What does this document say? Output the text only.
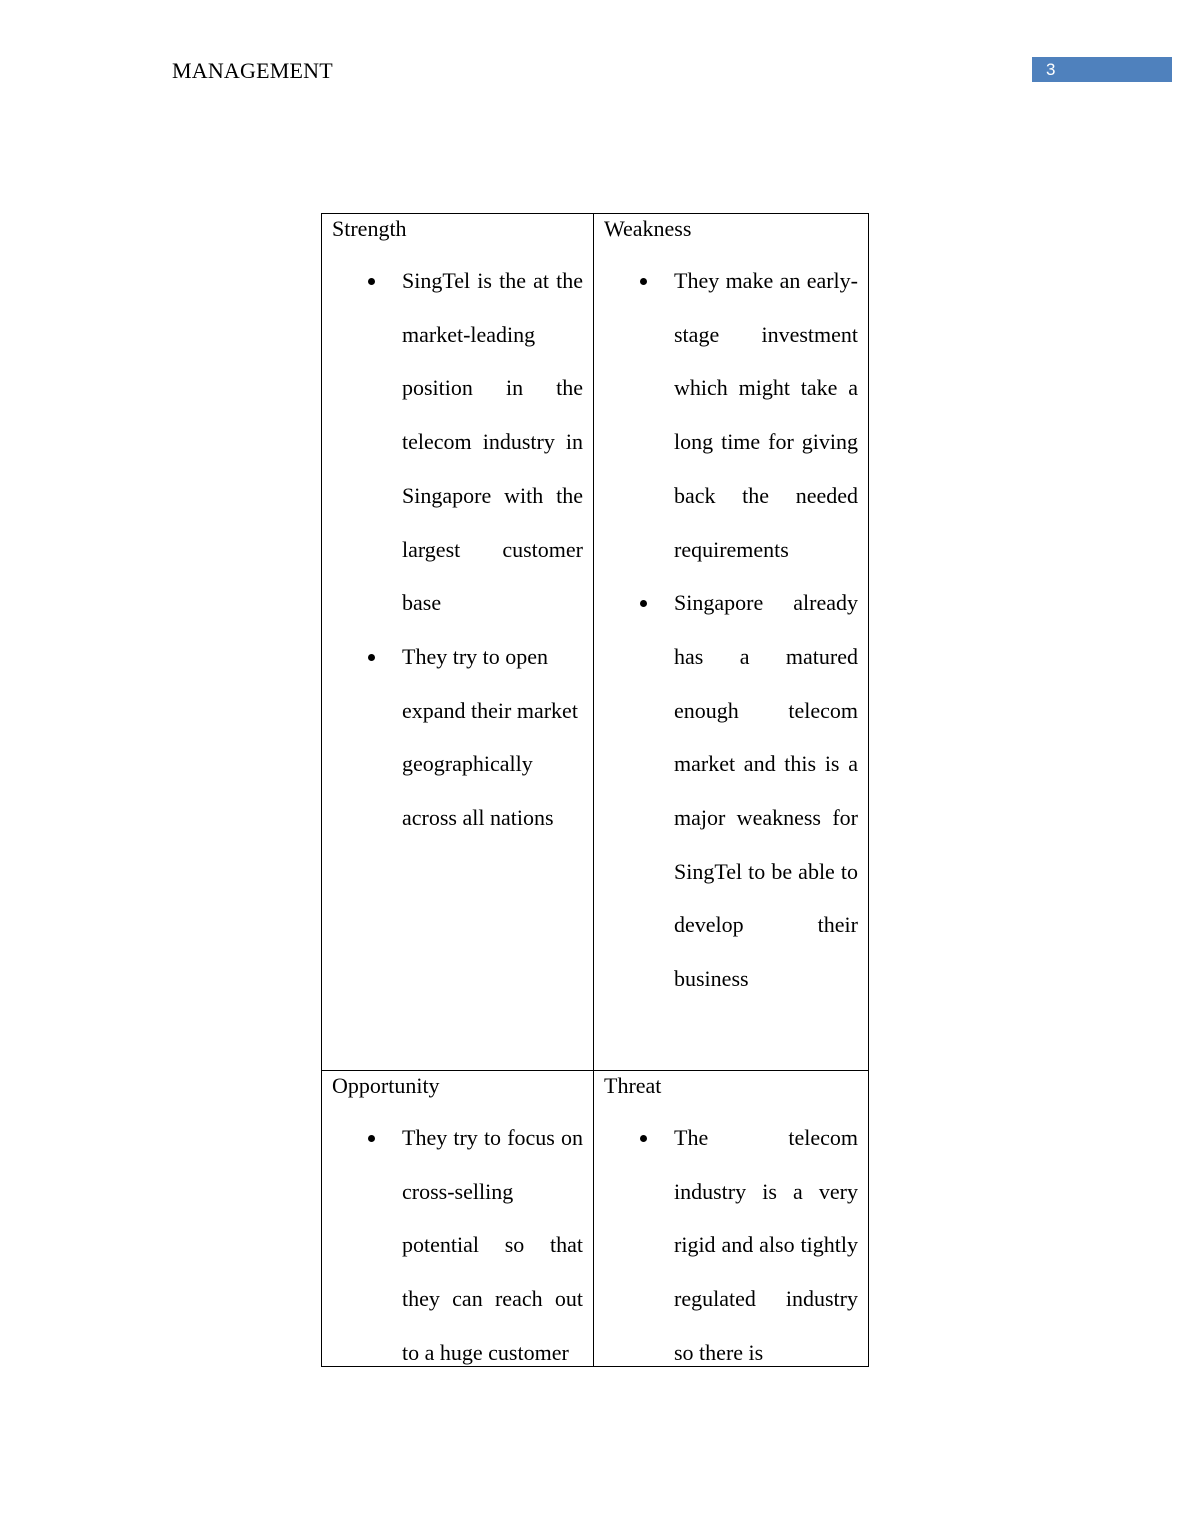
MANAGEMENT	3
Strength
SingTel is the at the market-leading position in the telecom industry in Singapore with the largest customer base
They try to open expand their market geographically across all nations
Weakness
They make an early-stage investment which might take a long time for giving back the needed requirements
Singapore already has a matured enough telecom market and this is a major weakness for SingTel to be able to develop their business
Opportunity
They try to focus on cross-selling potential so that they can reach out to a huge customer
Threat
The telecom industry is a very rigid and also tightly regulated industry so there is
